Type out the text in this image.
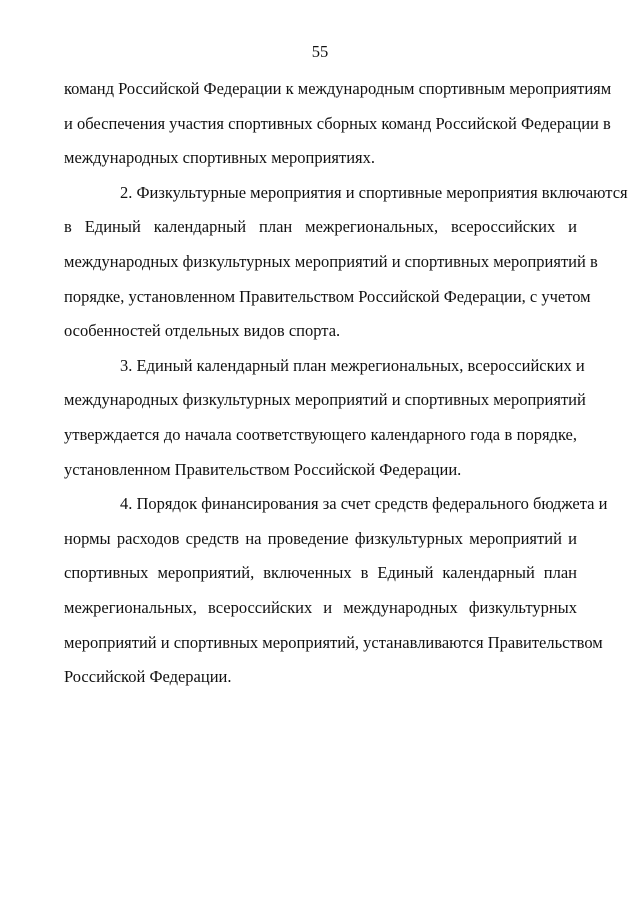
55
команд Российской Федерации к международным спортивным мероприятиям
и обеспечения участия спортивных сборных команд Российской Федерации в
международных спортивных мероприятиях.
2. Физкультурные мероприятия и спортивные мероприятия включаются
в Единый календарный план межрегиональных, всероссийских и
международных физкультурных мероприятий и спортивных мероприятий в
порядке, установленном Правительством Российской Федерации, с учетом
особенностей отдельных видов спорта.
3. Единый календарный план межрегиональных, всероссийских и
международных физкультурных мероприятий и спортивных мероприятий
утверждается до начала соответствующего календарного года в порядке,
установленном Правительством Российской Федерации.
4. Порядок финансирования за счет средств федерального бюджета и
нормы расходов средств на проведение физкультурных мероприятий и
спортивных мероприятий, включенных в Единый календарный план
межрегиональных, всероссийских и международных физкультурных
мероприятий и спортивных мероприятий, устанавливаются Правительством
Российской Федерации.
